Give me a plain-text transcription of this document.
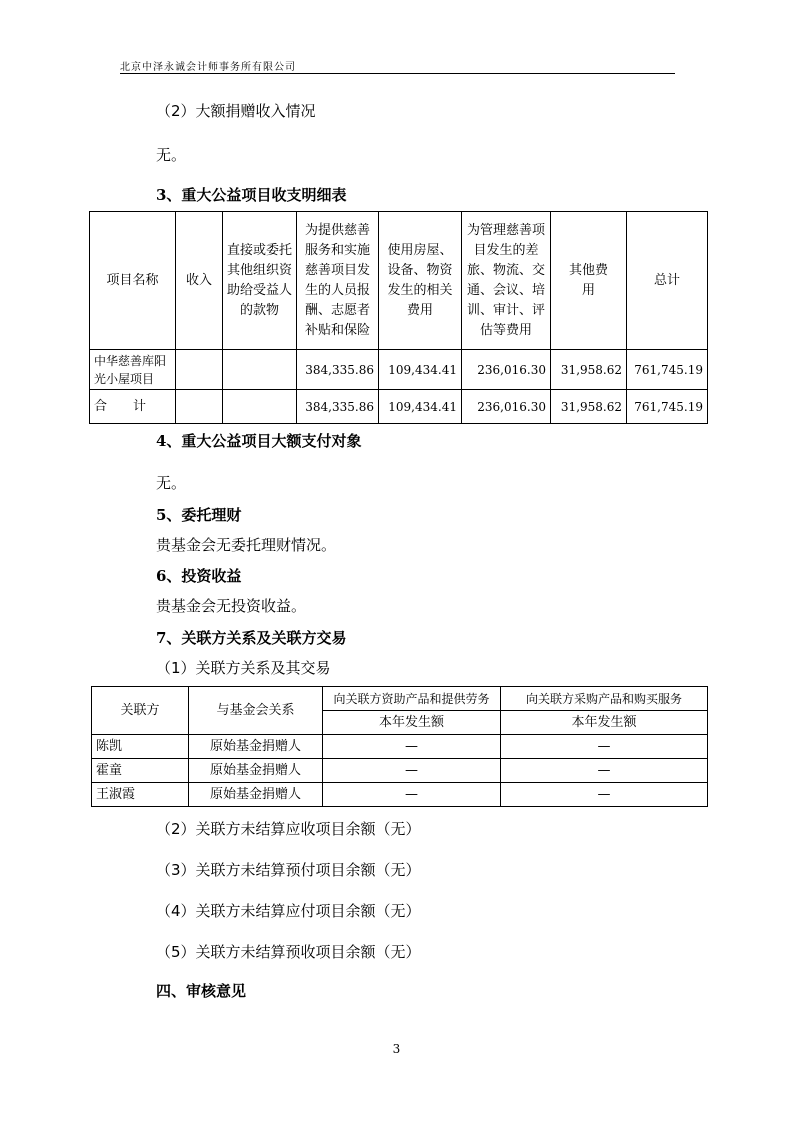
北京中泽永诚会计师事务所有限公司
（2）大额捐赠收入情况
无。
3、重大公益项目收支明细表
项目名称	收入	直接或委托其他组织资助给受益人的款物	为提供慈善服务和实施慈善项目发生的人员报酬、志愿者补贴和保险	使用房屋、设备、物资发生的相关费用	为管理慈善项目发生的差旅、物流、交通、会议、培训、审计、评估等费用	其他费用	总计
中华慈善库阳光小屋项目			384,335.86	109,434.41	236,016.30	31,958.62	761,745.19
合　　计			384,335.86	109,434.41	236,016.30	31,958.62	761,745.19
4、重大公益项目大额支付对象
无。
5、委托理财
贵基金会无委托理财情况。
6、投资收益
贵基金会无投资收益。
7、关联方关系及关联方交易
（1）关联方关系及其交易
关联方	与基金会关系	向关联方资助产品和提供劳务	向关联方采购产品和购买服务
		本年发生额	本年发生额
陈凯	原始基金捐赠人	—	—
霍童	原始基金捐赠人	—	—
王淑霞	原始基金捐赠人	—	—
（2）关联方未结算应收项目余额（无）
（3）关联方未结算预付项目余额（无）
（4）关联方未结算应付项目余额（无）
（5）关联方未结算预收项目余额（无）
四、审核意见
3
